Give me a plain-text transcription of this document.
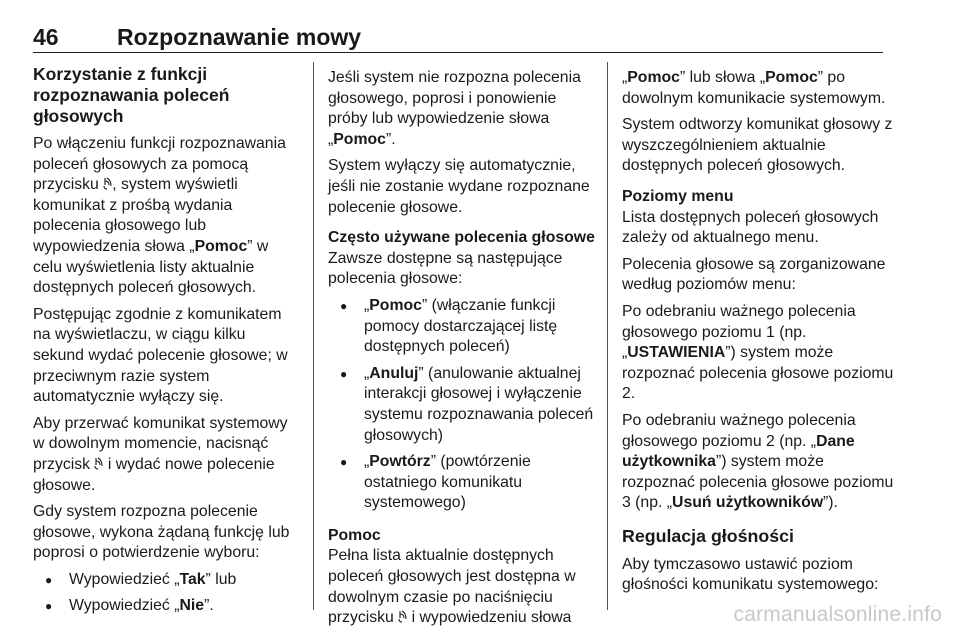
46	Rozpoznawanie mowy
Korzystanie z funkcji rozpoznawania poleceń głosowych

Po włączeniu funkcji rozpoznawania poleceń głosowych za pomocą przycisku , system wyświetli komunikat z prośbą wydania polecenia głosowego lub wypowiedzenia słowa „Pomoc” w celu wyświetlenia listy aktualnie dostępnych poleceń głosowych.

Postępując zgodnie z komunikatem na wyświetlaczu, w ciągu kilku sekund wydać polecenie głosowe; w przeciwnym razie system automatycznie wyłączy się.

Aby przerwać komunikat systemowy w dowolnym momencie, nacisnąć przycisk  i wydać nowe polecenie głosowe.

Gdy system rozpozna polecenie głosowe, wykona żądaną funkcję lub poprosi o potwierdzenie wyboru:

● Wypowiedzieć „Tak” lub
● Wypowiedzieć „Nie”.

Jeśli system nie rozpozna polecenia głosowego, poprosi i ponowienie próby lub wypowiedzenie słowa „Pomoc”.

System wyłączy się automatycznie, jeśli nie zostanie wydane rozpoznane polecenie głosowe.

Często używane polecenia głosowe

Zawsze dostępne są następujące polecenia głosowe:

● „Pomoc” (włączanie funkcji pomocy dostarczającej listę dostępnych poleceń)
● „Anuluj” (anulowanie aktualnej interakcji głosowej i wyłączenie systemu rozpoznawania poleceń głosowych)
● „Powtórz” (powtórzenie ostatniego komunikatu systemowego)
Pomoc

Pełna lista aktualnie dostępnych poleceń głosowych jest dostępna w dowolnym czasie po naciśnięciu przycisku  i wypowiedzeniu słowa

„Pomoc” lub słowa „Pomoc” po dowolnym komunikacie systemowym.

System odtworzy komunikat głosowy z wyszczególnieniem aktualnie dostępnych poleceń głosowych.

Poziomy menu

Lista dostępnych poleceń głosowych zależy od aktualnego menu.

Polecenia głosowe są zorganizowane według poziomów menu:

Po odebraniu ważnego polecenia głosowego poziomu 1 (np. „USTAWIENIA”) system może rozpoznać polecenia głosowe poziomu 2.

Po odebraniu ważnego polecenia głosowego poziomu 2 (np. „Dane użytkownika”) system może rozpoznać polecenia głosowe poziomu 3 (np. „Usuń użytkowników”).

Regulacja głośności

Aby tymczasowo ustawić poziom głośności komunikatu systemowego:

carmanualsonline.info
